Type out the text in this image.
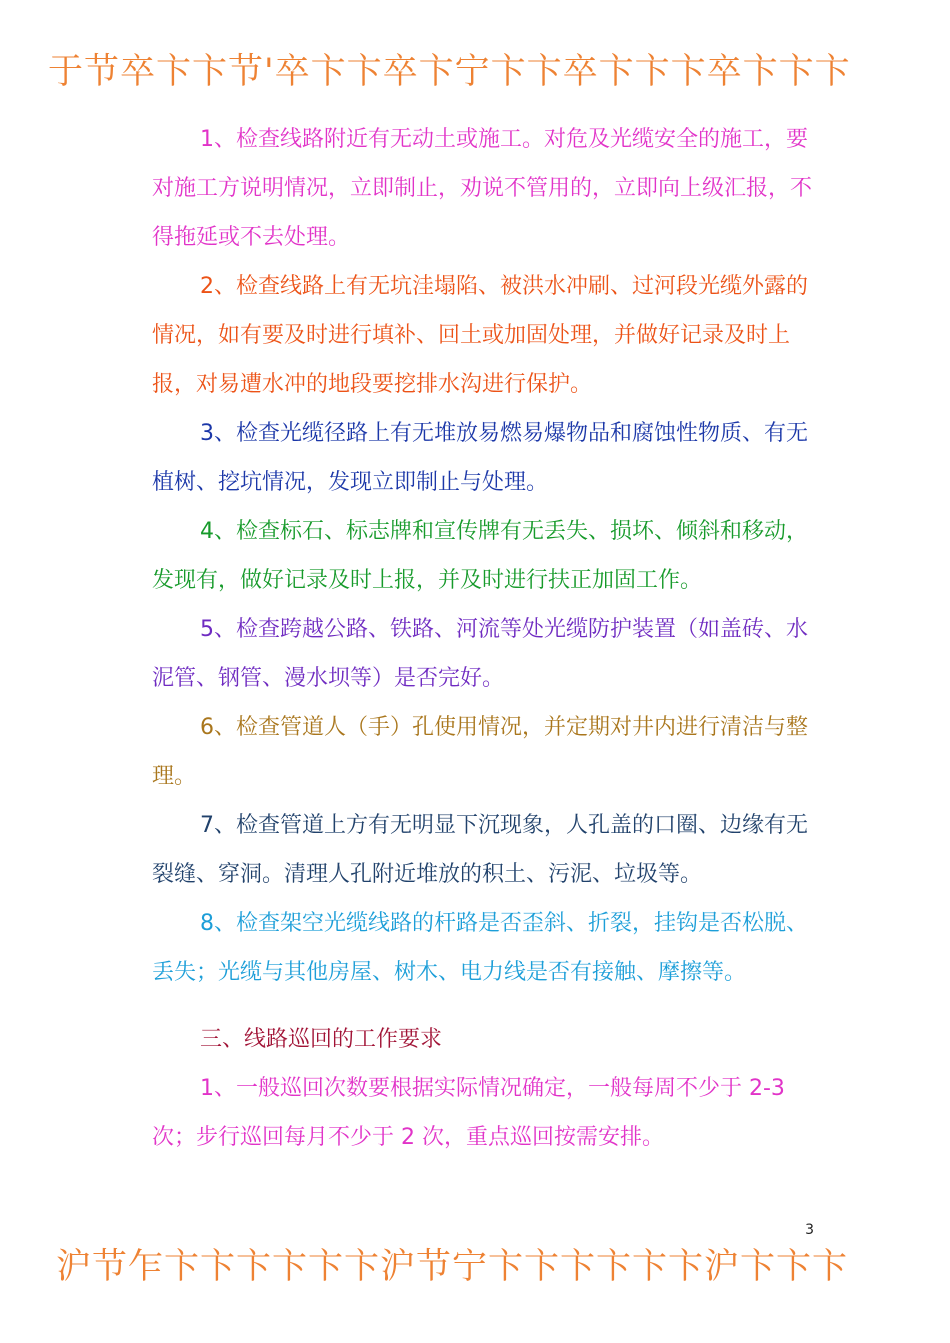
于节卒卞卞节'卒卞卞卒卞宁卞卞卒卞卞卞卒卞卞卞

1、检查线路附近有无动土或施工。对危及光缆安全的施工，要对施工方说明情况，立即制止，劝说不管用的，立即向上级汇报，不得拖延或不去处理。

2、检查线路上有无坑洼塌陷、被洪水冲刷、过河段光缆外露的情况，如有要及时进行填补、回土或加固处理，并做好记录及时上报，对易遭水冲的地段要挖排水沟进行保护。

3、检查光缆径路上有无堆放易燃易爆物品和腐蚀性物质、有无植树、挖坑情况，发现立即制止与处理。

4、检查标石、标志牌和宣传牌有无丢失、损坏、倾斜和移动，发现有，做好记录及时上报，并及时进行扶正加固工作。

5、检查跨越公路、铁路、河流等处光缆防护装置（如盖砖、水泥管、钢管、漫水坝等）是否完好。

6、检查管道人（手）孔使用情况，并定期对井内进行清洁与整理。

7、检查管道上方有无明显下沉现象，人孔盖的口圈、边缘有无裂缝、穿洞。清理人孔附近堆放的积土、污泥、垃圾等。

8、检查架空光缆线路的杆路是否歪斜、折裂，挂钩是否松脱、丢失；光缆与其他房屋、树木、电力线是否有接触、摩擦等。

三、线路巡回的工作要求

1、一般巡回次数要根据实际情况确定，一般每周不少于 2-3 次；步行巡回每月不少于 2 次，重点巡回按需安排。

3
沪节乍卞卞卞卞卞卞沪节宁卞卞卞卞卞卞沪卞卞卞
